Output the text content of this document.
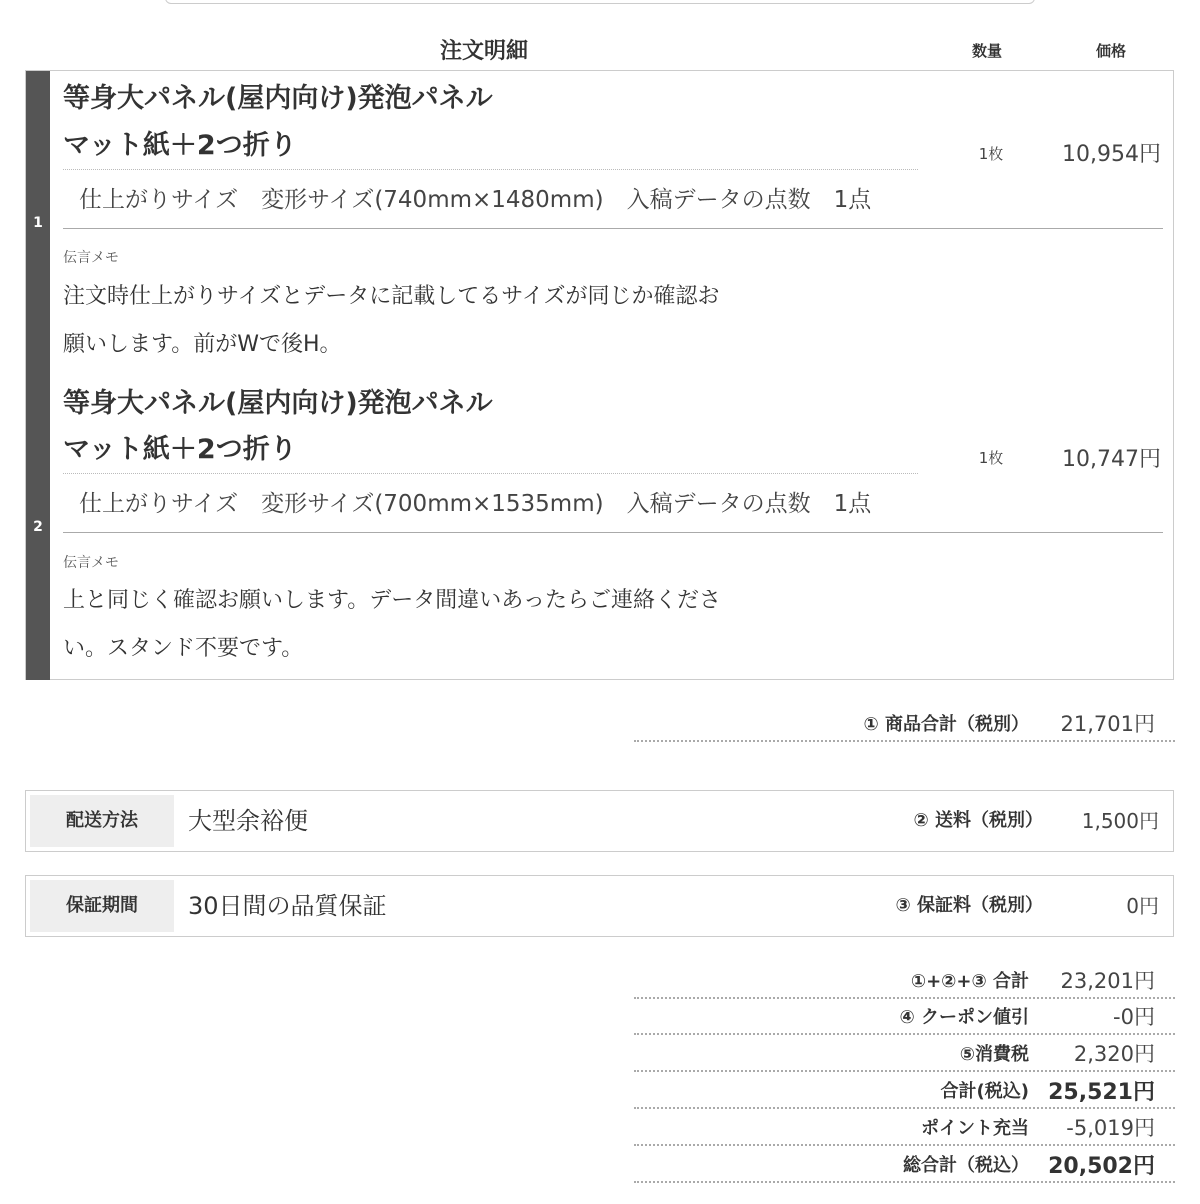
注文明細	数量	価格
1
等身大パネル(屋内向け)発泡パネル
マット紙＋2つ折り
仕上がりサイズ　変形サイズ(740mm×1480mm)　入稿データの点数　1点
1枚	10,954円
伝言メモ
注文時仕上がりサイズとデータに記載してるサイズが同じか確認お
願いします。前がWで後H。
2
等身大パネル(屋内向け)発泡パネル
マット紙＋2つ折り
仕上がりサイズ　変形サイズ(700mm×1535mm)　入稿データの点数　1点
1枚	10,747円
伝言メモ
上と同じく確認お願いします。データ間違いあったらご連絡くださ
い。スタンド不要です。
① 商品合計（税別） 21,701円
配送方法	大型余裕便	② 送料（税別） 1,500円
保証期間	30日間の品質保証	③ 保証料（税別）	0円
①+②+③ 合計 23,201円
④ クーポン値引	-0円
⑤消費税 2,320円
合計(税込) 25,521円
ポイント充当 -5,019円
総合計（税込） 20,502円
